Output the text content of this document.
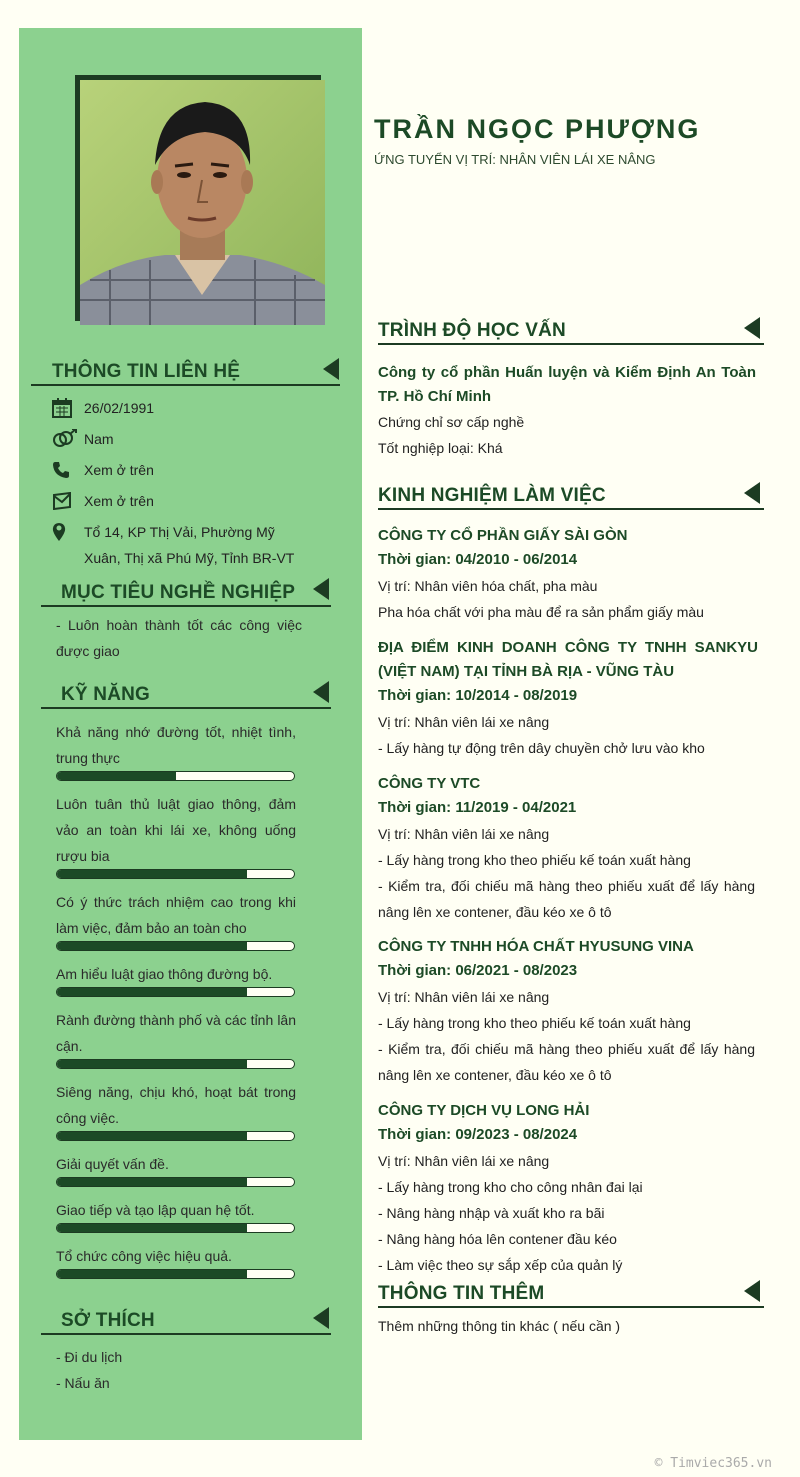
THÔNG TIN LIÊN HỆ
26/02/1991
Nam
Xem ở trên
Xem ở trên
Tổ 14, KP Thị Vải, Phường Mỹ Xuân, Thị xã Phú Mỹ, Tỉnh BR-VT
MỤC TIÊU NGHỀ NGHIỆP
- Luôn hoàn thành tốt các công việc được giao
KỸ NĂNG
Khả năng nhớ đường tốt, nhiệt tình, trung thực
Luôn tuân thủ luật giao thông, đảm vảo an toàn khi lái xe, không uống rượu bia
Có ý thức trách nhiệm cao trong khi làm việc, đảm bảo an toàn cho
Am hiểu luật giao thông đường bộ.
Rành đường thành phố và các tỉnh lân cận.
Siêng năng, chịu khó, hoạt bát trong công việc.
Giải quyết vấn đề.
Giao tiếp và tạo lập quan hệ tốt.
Tổ chức công việc hiệu quả.
SỞ THÍCH
- Đi du lịch
- Nấu ăn
TRẦN NGỌC PHƯỢNG
ỨNG TUYỂN VỊ TRÍ: NHÂN VIÊN LÁI XE NÂNG
TRÌNH ĐỘ HỌC VẤN
Công ty cổ phần Huấn luyện và Kiểm Định An Toàn TP. Hồ Chí Minh
Chứng chỉ sơ cấp nghề
Tốt nghiệp loại: Khá
KINH NGHIỆM LÀM VIỆC
CÔNG TY CỔ PHẦN GIẤY SÀI GÒN
Thời gian: 04/2010 - 06/2014
Vị trí: Nhân viên hóa chất, pha màu
Pha hóa chất với pha màu để ra sản phẩm giấy màu
ĐỊA ĐIỂM KINH DOANH CÔNG TY TNHH SANKYU (VIỆT NAM) TẠI TỈNH BÀ RỊA - VŨNG TÀU
Thời gian: 10/2014 - 08/2019
Vị trí: Nhân viên lái xe nâng
- Lấy hàng tự động trên dây chuyền chở lưu vào kho
CÔNG TY VTC
Thời gian: 11/2019 - 04/2021
Vị trí: Nhân viên lái xe nâng
- Lấy hàng trong kho theo phiếu kế toán xuất hàng
- Kiểm tra, đối chiếu mã hàng theo phiếu xuất để lấy hàng nâng lên xe contener, đầu kéo xe ô tô
CÔNG TY TNHH HÓA CHẤT HYUSUNG VINA
Thời gian: 06/2021 - 08/2023
Vị trí: Nhân viên lái xe nâng
- Lấy hàng trong kho theo phiếu kế toán xuất hàng
- Kiểm tra, đối chiếu mã hàng theo phiếu xuất để lấy hàng nâng lên xe contener, đầu kéo xe ô tô
CÔNG TY DỊCH VỤ LONG HẢI
Thời gian: 09/2023 - 08/2024
Vị trí: Nhân viên lái xe nâng
- Lấy hàng trong kho cho công nhân đai lại
- Nâng hàng nhập và xuất kho ra bãi
- Nâng hàng hóa lên contener đầu kéo
- Làm việc theo sự sắp xếp của quản lý
THÔNG TIN THÊM
Thêm những thông tin khác ( nếu cần )
© Timviec365.vn
